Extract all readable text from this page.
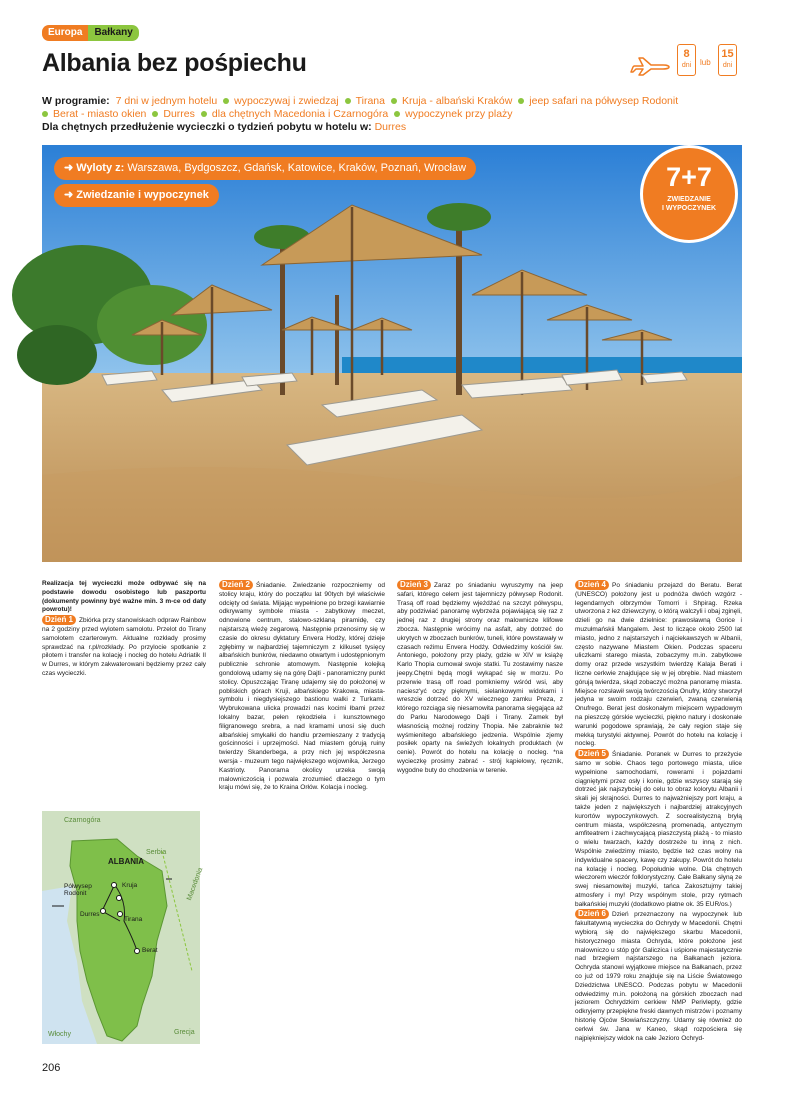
Europa	Bałkany
Albania bez pośpiechu	8
dni	lub
15
dni
W programie: 7 dni w jednym hotelu wypoczywaj i zwiedzaj Tirana Kruja - albański Kraków jeep safari na półwysep Rodonit
Berat - miasto okien Durres dla chętnych Macedonia i Czarnogóra wypoczynek przy plaży
Dla chętnych przedłużenie wycieczki o tydzień pobytu w hotelu w: Durres
➜ Wyloty z: Warszawa, Bydgoszcz, Gdańsk, Katowice, Kraków, Poznań, Wrocław
➜ Zwiedzanie i wypoczynek
7+7
ZWIEDZANIE
I WYPOCZYNEK

Realizacja tej wycieczki może odbywać się na podstawie dowodu osobistego lub paszportu (dokumenty powinny być ważne min. 3 m-ce od daty powrotu)!

Dzień 1 Zbiórka przy stanowiskach odpraw Rainbow na 2 godziny przed wylotem samolotu. Przelot do Tirany samolotem czarterowym. Aktualne rozkłady prosimy sprawdzać na r.pl/rozkłady. Po przylocie spotkanie z pilotem i transfer na kolację i nocleg do hotelu Adriatik II w Durres, w którym zakwaterowani będziemy przez cały czas wycieczki.

Dzień 2 Śniadanie. Zwiedzanie rozpoczniemy od stolicy kraju, który do początku lat 90tych był właściwie odcięty od świata. Mijając wypełnione po brzegi kawiarnie odkrywamy symbole miasta - zabytkowy meczet, odnowione centrum, stalowo-szklaną piramidę, czy najstarszą wieżę zegarową. Następnie przenosimy się w czasie do okresu dyktatury Envera Hodży, której dzieje zgłębimy w najbardziej tajemniczym z kilkuset tysięcy albańskich bunkrów, niedawno otwartym i udostępnionym publicznie schronie atomowym. Następnie kolejką gondolową udamy się na górę Dajti - panoramiczny punkt stolicy. Opuszczając Tiranę udajemy się do położonej w pobliskich górach Kruji, albańskiego Krakowa, miasta-symbolu i niegdysiejszego bastionu walki z Turkami. Wybrukowana ulicka prowadzi nas kocimi łbami przez lokalny bazar, pełen rękodzieła i kunsztownego filigranowego srebra, a nad kramami unosi się duch albańskiej smykałki do handlu przemieszany z tradycją gościnności i uprzejmości. Nad miastem górują ruiny twierdzy Skanderbega, a przy nich jej współczesna wersja - muzeum tego największego wojownika, Jerzego Kastrioty. Panorama okolicy urzeka swoją malowniczością i pozwala zrozumieć dlaczego o tym kraju mówi się, że to Kraina Orłów. Kolacja i nocleg.

Dzień 3 Zaraz po śniadaniu wyruszymy na jeep safari, którego celem jest tajemniczy półwysep Rodonit. Trasą off road będziemy wjeżdżać na szczyt półwyspu, aby podziwiać panoramę wybrzeża pojawiającą się raz z jednej raz z drugiej strony oraz malownicze klifowe zbocza. Następnie wrócimy na asfalt, aby dotrzeć do ukrytych w zboczach bunkrów, tuneli, które powstawały w czasach reżimu Envera Hodży. Odwiedzimy kościół św. Antoniego, położony przy plaży, gdzie w XIV w książę Karlo Thopia cumował swoje statki. Tu zostawimy nasze jeepy.Chętni będą mogli wykąpać się w morzu. Po przerwie trasą off road pomkniemy wśród wsi, aby naciesz'yć oczy pięknymi, sielankowymi widokami i wreszcie dotrzeć do XV wiecznego zamku Preza, z którego rozciąga się niesamowita panorama sięgająca aż do Parku Narodowego Dajti i Tirany. Zamek był własnością możnej rodziny Thopia. Nie zabraknie też wyśmienitego albańskiego jedzenia. Wspólnie zjemy posiłek oparty na świeżych lokalnych produktach (w cenie). Powrót do hotelu na kolację o nocleg. *na wycieczkę prosimy zabrać - strój kąpielowy, ręcznik, wygodne buty do chodzenia w terenie.

Dzień 4 Po śniadaniu przejazd do Beratu. Berat (UNESCO) położony jest u podnóża dwóch wzgórz - legendarnych olbrzymów Tomorri i Shpirag. Rzeka utworzona z łez dziewczyny, o którą walczyli i obaj zginęli, dzieli go na dwie dzielnice: prawosławną Gorice i muzułmańskii Mangalem. Jest to liczące około 2500 lat miasto, jedno z najstarszych i najciekawszych w Albanii, często nazywane Miastem Okien. Podczas spaceru uliczkami starego miasta, zobaczymy m.in. zabytkowe domy oraz przede wszystkim twierdzę Kalaja Berati i liczne cerkwie znajdujące się w jej obrębie. Nad miastem górują twierdza, skąd zobaczyć można panoramę miasta. Miejsce rozsławił swoją twórczością Onufry, który stworzył jedyna w swoim rodzaju czerwień, zwaną czerwienią Onufrego. Berat jest doskonałym miejscem wypadowym na pieszczę górskie wycieczki, piękno natury i doskonałe warunki pogodowe sprawiają, że cały region staje się mekką turystyki aktywnej. Powrót do hotelu na kolację i nocleg.

Dzień 5 Śniadanie. Poranek w Durres to przeżycie samo w sobie. Chaos tego portowego miasta, ulice wypełnione samochodami, rowerami i pojazdami ciągniętymi przez osły i konie, gdzie wszyscy starają się dotrzeć jak najszybciej do celu to obraz kolorytu Albanii i skali jej skrajności. Durres to najważniejszy port kraju, a także jeden z największych i najbardziej atrakcyjnych kurortów wypoczynkowych. Z socrealistyczną bryłą centrum miasta, współczesną promenadą, antycznym amfiteatrem i zachwycającą piaszczystą plażą - to miasto o wielu twarzach, każdy dostrzeże tu inną z nich. Wspólnie zwiedzimy miasto, będzie też czas wolny na indywidualne spacery, kawę czy zakupy. Powrót do hotelu na kolację i nocleg. Popołudnie wolne. Dla chętnych wieczorem wieczór folklorystyczny. Całe Bałkany słyną ze swej niesamowitej muzyki, tańca Zakosztujmy takiej atmosfery i my! Przy wspólnym stole, przy rytmach bałkańskiej muzyki (dodatkowo płatne ok. 35 EUR/os.)

Dzień 6 Dzień przeznaczony na wypoczynek lub fakultatywną wycieczka do Ochrydy w Macedonii. Chętni wybiorą się do największego skarbu Macedonii, historycznego miasta Ochryda, które położone jest malowniczo u stóp gór Galiczica i uśpione majestatycznie nad brzegiem najstarszego na Bałkanach jeziora. Ochryda stanowi wyjątkowe miejsce na Bałkanach, przez co już od 1979 roku znajduje się na Liście Światowego Dziedzictwa UNESCO. Podczas pobytu w Macedonii odwiedzimy m.in. położoną na górskich zboczach nad jeziorem Ochrydzkim cerkiew NMP Perivlepty, gdzie odkryjemy przepiękne freski dawnych mistrzów i poznamy historię Ojców Słowiańszczyzny. Udamy się również do cerkwi św. Jana w Kaneo, skąd rozpościera się najpiękniejszy widok na całe Jezioro Ochryd-

Czarnogóra
Serbia
Macedonia
Włochy	Grecja
ALBANIA
Półwysep Rodonit
Kruja
Durres
Tirana
Berat
206
